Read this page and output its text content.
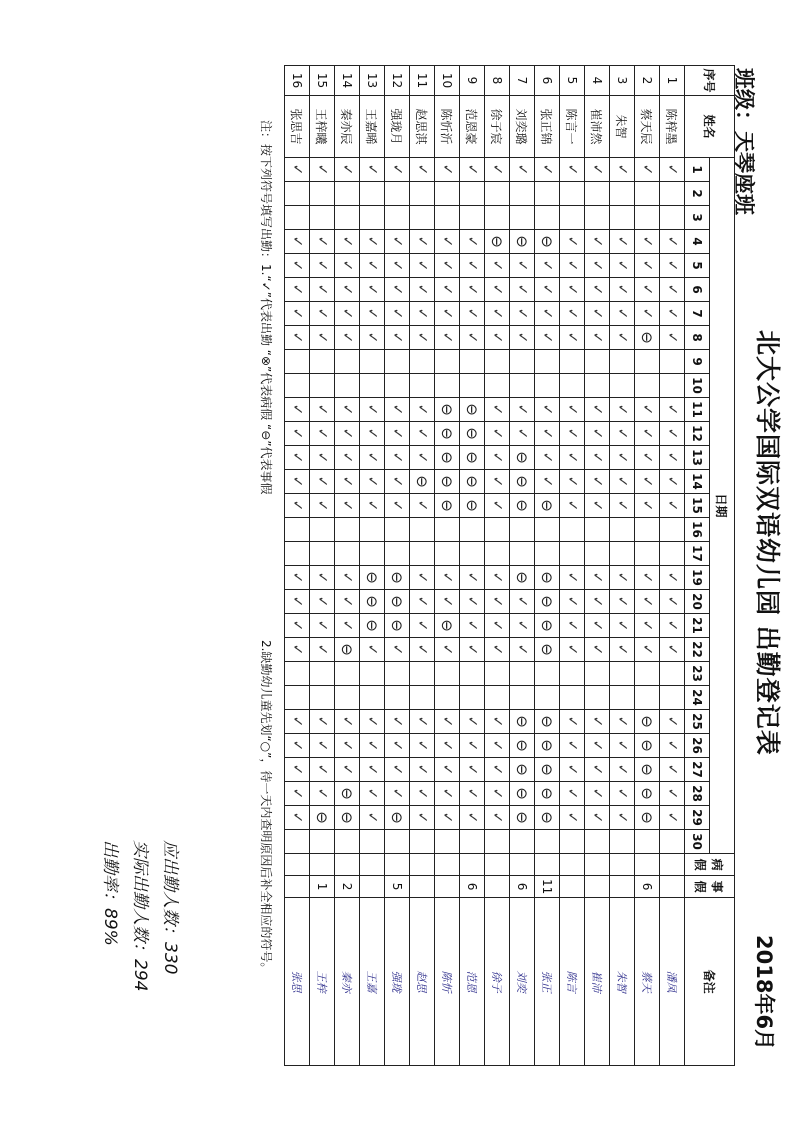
北大公学国际双语幼儿园 出勤登记表
班级：天琴座班
2018年6月
序号	姓名	日期																													病假	事假	备注
		1	2	3	4	5	6	7	8	9	10	11	12	13	14	15	16	17	19	20	21	22	23	24	25	26	27	28	29	30			
1	陈梓墨	✓			✓	✓	✓	✓	✓			✓	✓	✓	✓	✓			✓	✓	✓	✓			✓	✓	✓	✓	✓				潘凤
2	蔡天辰	✓			✓	✓	✓	✓	⊖			✓	✓	✓	✓	✓			✓	✓	✓	✓			⊖	⊖	⊖	⊖	⊖			6	蔡天
3	朱智	✓			✓	✓	✓	✓	✓			✓	✓	✓	✓	✓			✓	✓	✓	✓			✓	✓	✓	✓	✓				朱智
4	崔沛然	✓			✓	✓	✓	✓	✓			✓	✓	✓	✓	✓			✓	✓	✓	✓			✓	✓	✓	✓	✓				崔沛
5	陈言一	✓			✓	✓	✓	✓	✓			✓	✓	✓	✓	✓			✓	✓	✓	✓			✓	✓	✓	✓	✓				陈言
6	张正锦	✓			⊖	✓	✓	✓	✓			✓	✓	✓	✓	⊖			⊖	⊖	⊖	⊖			⊖	⊖	⊖	⊖	⊖			11	张正
7	刘奕璐	✓			⊖	✓	✓	✓	✓			✓	✓	⊖	⊖	⊖			⊖	✓	✓	✓			⊖	⊖	⊖	⊖	⊖			6	刘奕
8	徐子宸	✓			⊖	✓	✓	✓	✓			✓	✓	✓	✓	✓			✓	✓	✓	✓			✓	✓	✓	✓	✓				徐子
9	范恩豪	✓			✓	✓	✓	✓	✓			⊖	⊖	⊖	⊖	⊖			✓	✓	✓	✓			✓	✓	✓	✓	✓			6	范恩
10	陈忻沂	✓			✓	✓	✓	✓	✓			⊖	⊖	⊖	⊖	⊖			✓	✓	⊖	✓			✓	✓	✓	✓	✓				陈忻
11	赵思淇	✓			✓	✓	✓	✓	✓			✓	✓	✓	⊖	✓			✓	✓	✓	✓			✓	✓	✓	✓	✓				赵思
12	强珑月	✓			✓	✓	✓	✓	✓			✓	✓	✓	✓	✓			⊖	⊖	⊖	✓			✓	✓	✓	✓	⊖			5	强珑
13	王嘉晞	✓			✓	✓	✓	✓	✓			✓	✓	✓	✓	✓			⊖	⊖	⊖	✓			✓	✓	✓	✓	✓				王嘉
14	秦亦辰	✓			✓	✓	✓	✓	✓			✓	✓	✓	✓	✓			✓	✓	✓	⊖			✓	✓	✓	⊖	⊖			2	秦亦
15	王梓曦	✓			✓	✓	✓	✓	✓			✓	✓	✓	✓	✓			✓	✓	✓	✓			✓	✓	✓	✓	⊖			1	王梓
16	张思吉	✓			✓	✓	✓	✓	✓			✓	✓	✓	✓	✓			✓	✓	✓	✓			✓	✓	✓	✓	✓				张思
注：按下列符号填写出勤：1.“✓”代表出勤 “⊗”代表病假 “⊖”代表事假
2.缺勤幼儿童先划“○”，待一天内查明原因后补全相应的符号。
应出勤人数：330
实际出勤人数：294
出勤率：89%
